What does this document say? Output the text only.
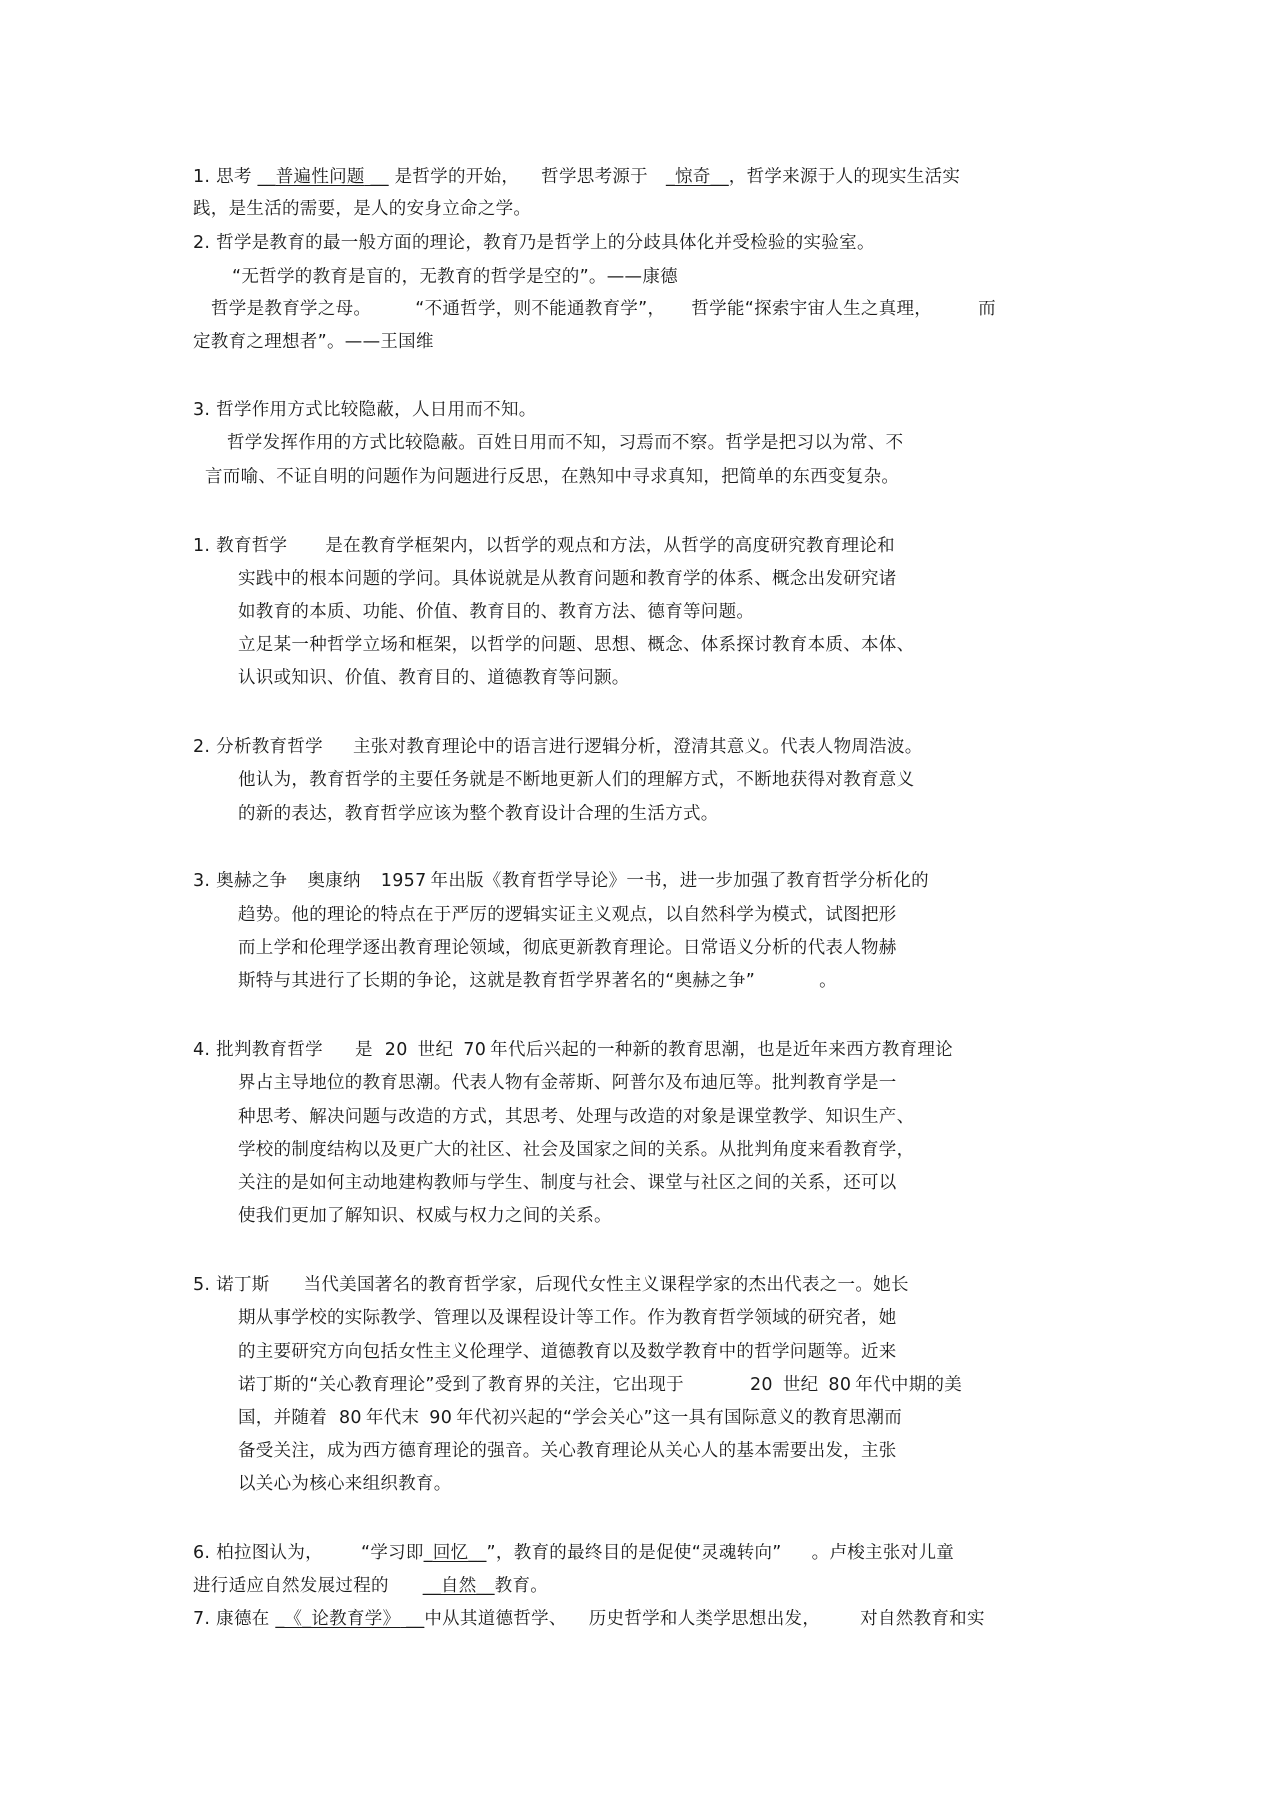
1. 思考 __普遍性问题 __ 是哲学的开始， 哲学思考源于 _惊奇__，哲学来源于人的现实生活实
践，是生活的需要，是人的安身立命之学。
2. 哲学是教育的最一般方面的理论，教育乃是哲学上的分歧具体化并受检验的实验室。
“无哲学的教育是盲的，无教育的哲学是空的”。——康德
哲学是教育学之母。	“不通哲学，则不能通教育学”， 哲学能“探索宇宙人生之真理，	而
定教育之理想者”。——王国维
3. 哲学作用方式比较隐蔽，人日用而不知。
哲学发挥作用的方式比较隐蔽。百姓日用而不知，习焉而不察。哲学是把习以为常、不
言而喻、不证自明的问题作为问题进行反思，在熟知中寻求真知，把简单的东西变复杂。
1. 教育哲学 是在教育学框架内，以哲学的观点和方法，从哲学的高度研究教育理论和
实践中的根本问题的学问。具体说就是从教育问题和教育学的体系、概念出发研究诸
如教育的本质、功能、价值、教育目的、教育方法、德育等问题。
立足某一种哲学立场和框架，以哲学的问题、思想、概念、体系探讨教育本质、本体、
认识或知识、价值、教育目的、道德教育等问颢。
2. 分析教育哲学 主张对教育理论中的语言进行逻辑分析，澄清其意义。代表人物周浩波。
他认为，教育哲学的主要任务就是不断地更新人们的理解方式，不断地获得对教育意义
的新的表达，教育哲学应该为整个教育设计合理的生活方式。
3. 奥赫之争 奥康纳 1957 年出版《教育哲学导论》一书，进一步加强了教育哲学分析化的
趋势。他的理论的特点在于严厉的逻辑实证主义观点，以自然科学为模式，试图把形
而上学和伦理学逐出教育理论领域，彻底更新教育理论。日常语义分析的代表人物赫
斯特与其进行了长期的争论，这就是教育哲学界著名的“奥赫之争”	。
4. 批判教育哲学 是 20 世纪 70 年代后兴起的一种新的教育思潮，也是近年来西方教育理论
界占主导地位的教育思潮。代表人物有金蒂斯、阿普尔及布迪厄等。批判教育学是一
种思考、解决问题与改造的方式，其思考、处理与改造的对象是课堂教学、知识生产、
学校的制度结构以及更广大的社区、社会及国家之间的关系。从批判角度来看教育学，
关注的是如何主动地建构教师与学生、制度与社会、课堂与社区之间的关系，还可以
使我们更加了解知识、权威与权力之间的关系。
5. 诺丁斯 当代美国著名的教育哲学家，后现代女性主义课程学家的杰出代表之一。她长
期从事学校的实际教学、管理以及课程设计等工作。作为教育哲学领域的研究者，她
的主要研究方向包括女性主义伦理学、道德教育以及数学教育中的哲学问题等。近来
诺丁斯的“关心教育理论”受到了教育界的关注，它出现于	20 世纪 80 年代中期的美
国，并随着 80 年代末 90 年代初兴起的“学会关心”这一具有国际意义的教育思潮而
备受关注，成为西方德育理论的强音。关心教育理论从关心人的基本需要出发，主张
以关心为核心来组织教育。
6. 柏拉图认为， “学习即_回忆__”，教育的最终目的是促使“灵魂转向” 。卢梭主张对儿童
进行适应自然发展过程的 __自然__教育。
7. 康德在 _《_论教育学》 __中从其道德哲学、 历史哲学和人类学思想出发， 对自然教育和实
